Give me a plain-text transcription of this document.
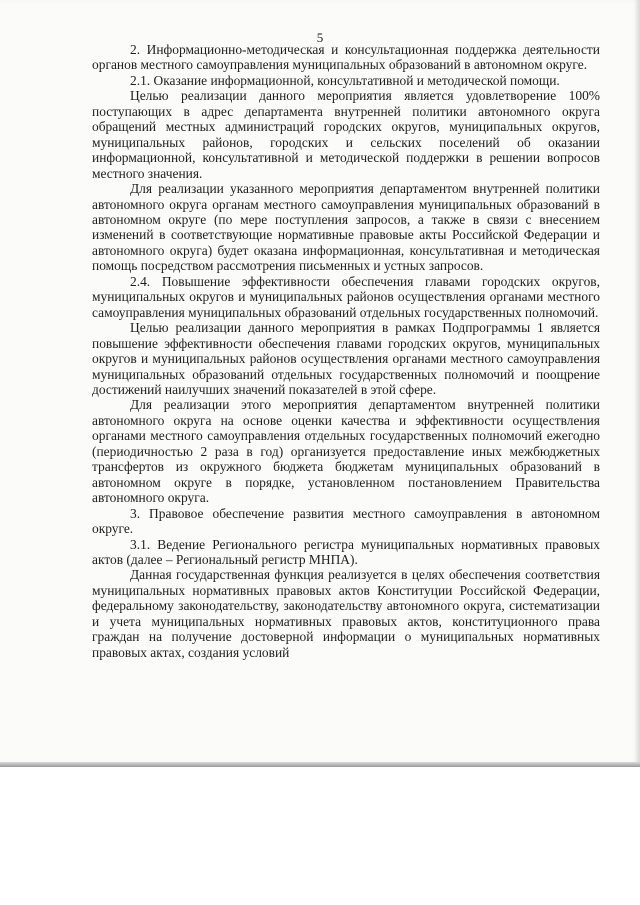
5

2. Информационно-методическая и консультационная поддержка деятельности органов местного самоуправления муниципальных образований в автономном округе.

2.1. Оказание информационной, консультативной и методической помощи.

Целью реализации данного мероприятия является удовлетворение 100% поступающих в адрес департамента внутренней политики автономного округа обращений местных администраций городских округов, муниципальных округов, муниципальных районов, городских и сельских поселений об оказании информационной, консультативной и методической поддержки в решении вопросов местного значения.

Для реализации указанного мероприятия департаментом внутренней политики автономного округа органам местного самоуправления муниципальных образований в автономном округе (по мере поступления запросов, а также в связи с внесением изменений в соответствующие нормативные правовые акты Российской Федерации и автономного округа) будет оказана информационная, консультативная и методическая помощь посредством рассмотрения письменных и устных запросов.

2.4. Повышение эффективности обеспечения главами городских округов, муниципальных округов и муниципальных районов осуществления органами местного самоуправления муниципальных образований отдельных государственных полномочий.

Целью реализации данного мероприятия в рамках Подпрограммы 1 является повышение эффективности обеспечения главами городских округов, муниципальных округов и муниципальных районов осуществления органами местного самоуправления муниципальных образований отдельных государственных полномочий и поощрение достижений наилучших значений показателей в этой сфере.

Для реализации этого мероприятия департаментом внутренней политики автономного округа на основе оценки качества и эффективности осуществления органами местного самоуправления отдельных государственных полномочий ежегодно (периодичностью 2 раза в год) организуется предоставление иных межбюджетных трансфертов из окружного бюджета бюджетам муниципальных образований в автономном округе в порядке, установленном постановлением Правительства автономного округа.

3. Правовое обеспечение развития местного самоуправления в автономном округе.

3.1. Ведение Регионального регистра муниципальных нормативных правовых актов (далее – Региональный регистр МНПА).

Данная государственная функция реализуется в целях обеспечения соответствия муниципальных нормативных правовых актов Конституции Российской Федерации, федеральному законодательству, законодательству автономного округа, систематизации и учета муниципальных нормативных правовых актов, конституционного права граждан на получение достоверной информации о муниципальных нормативных правовых актах, создания условий
